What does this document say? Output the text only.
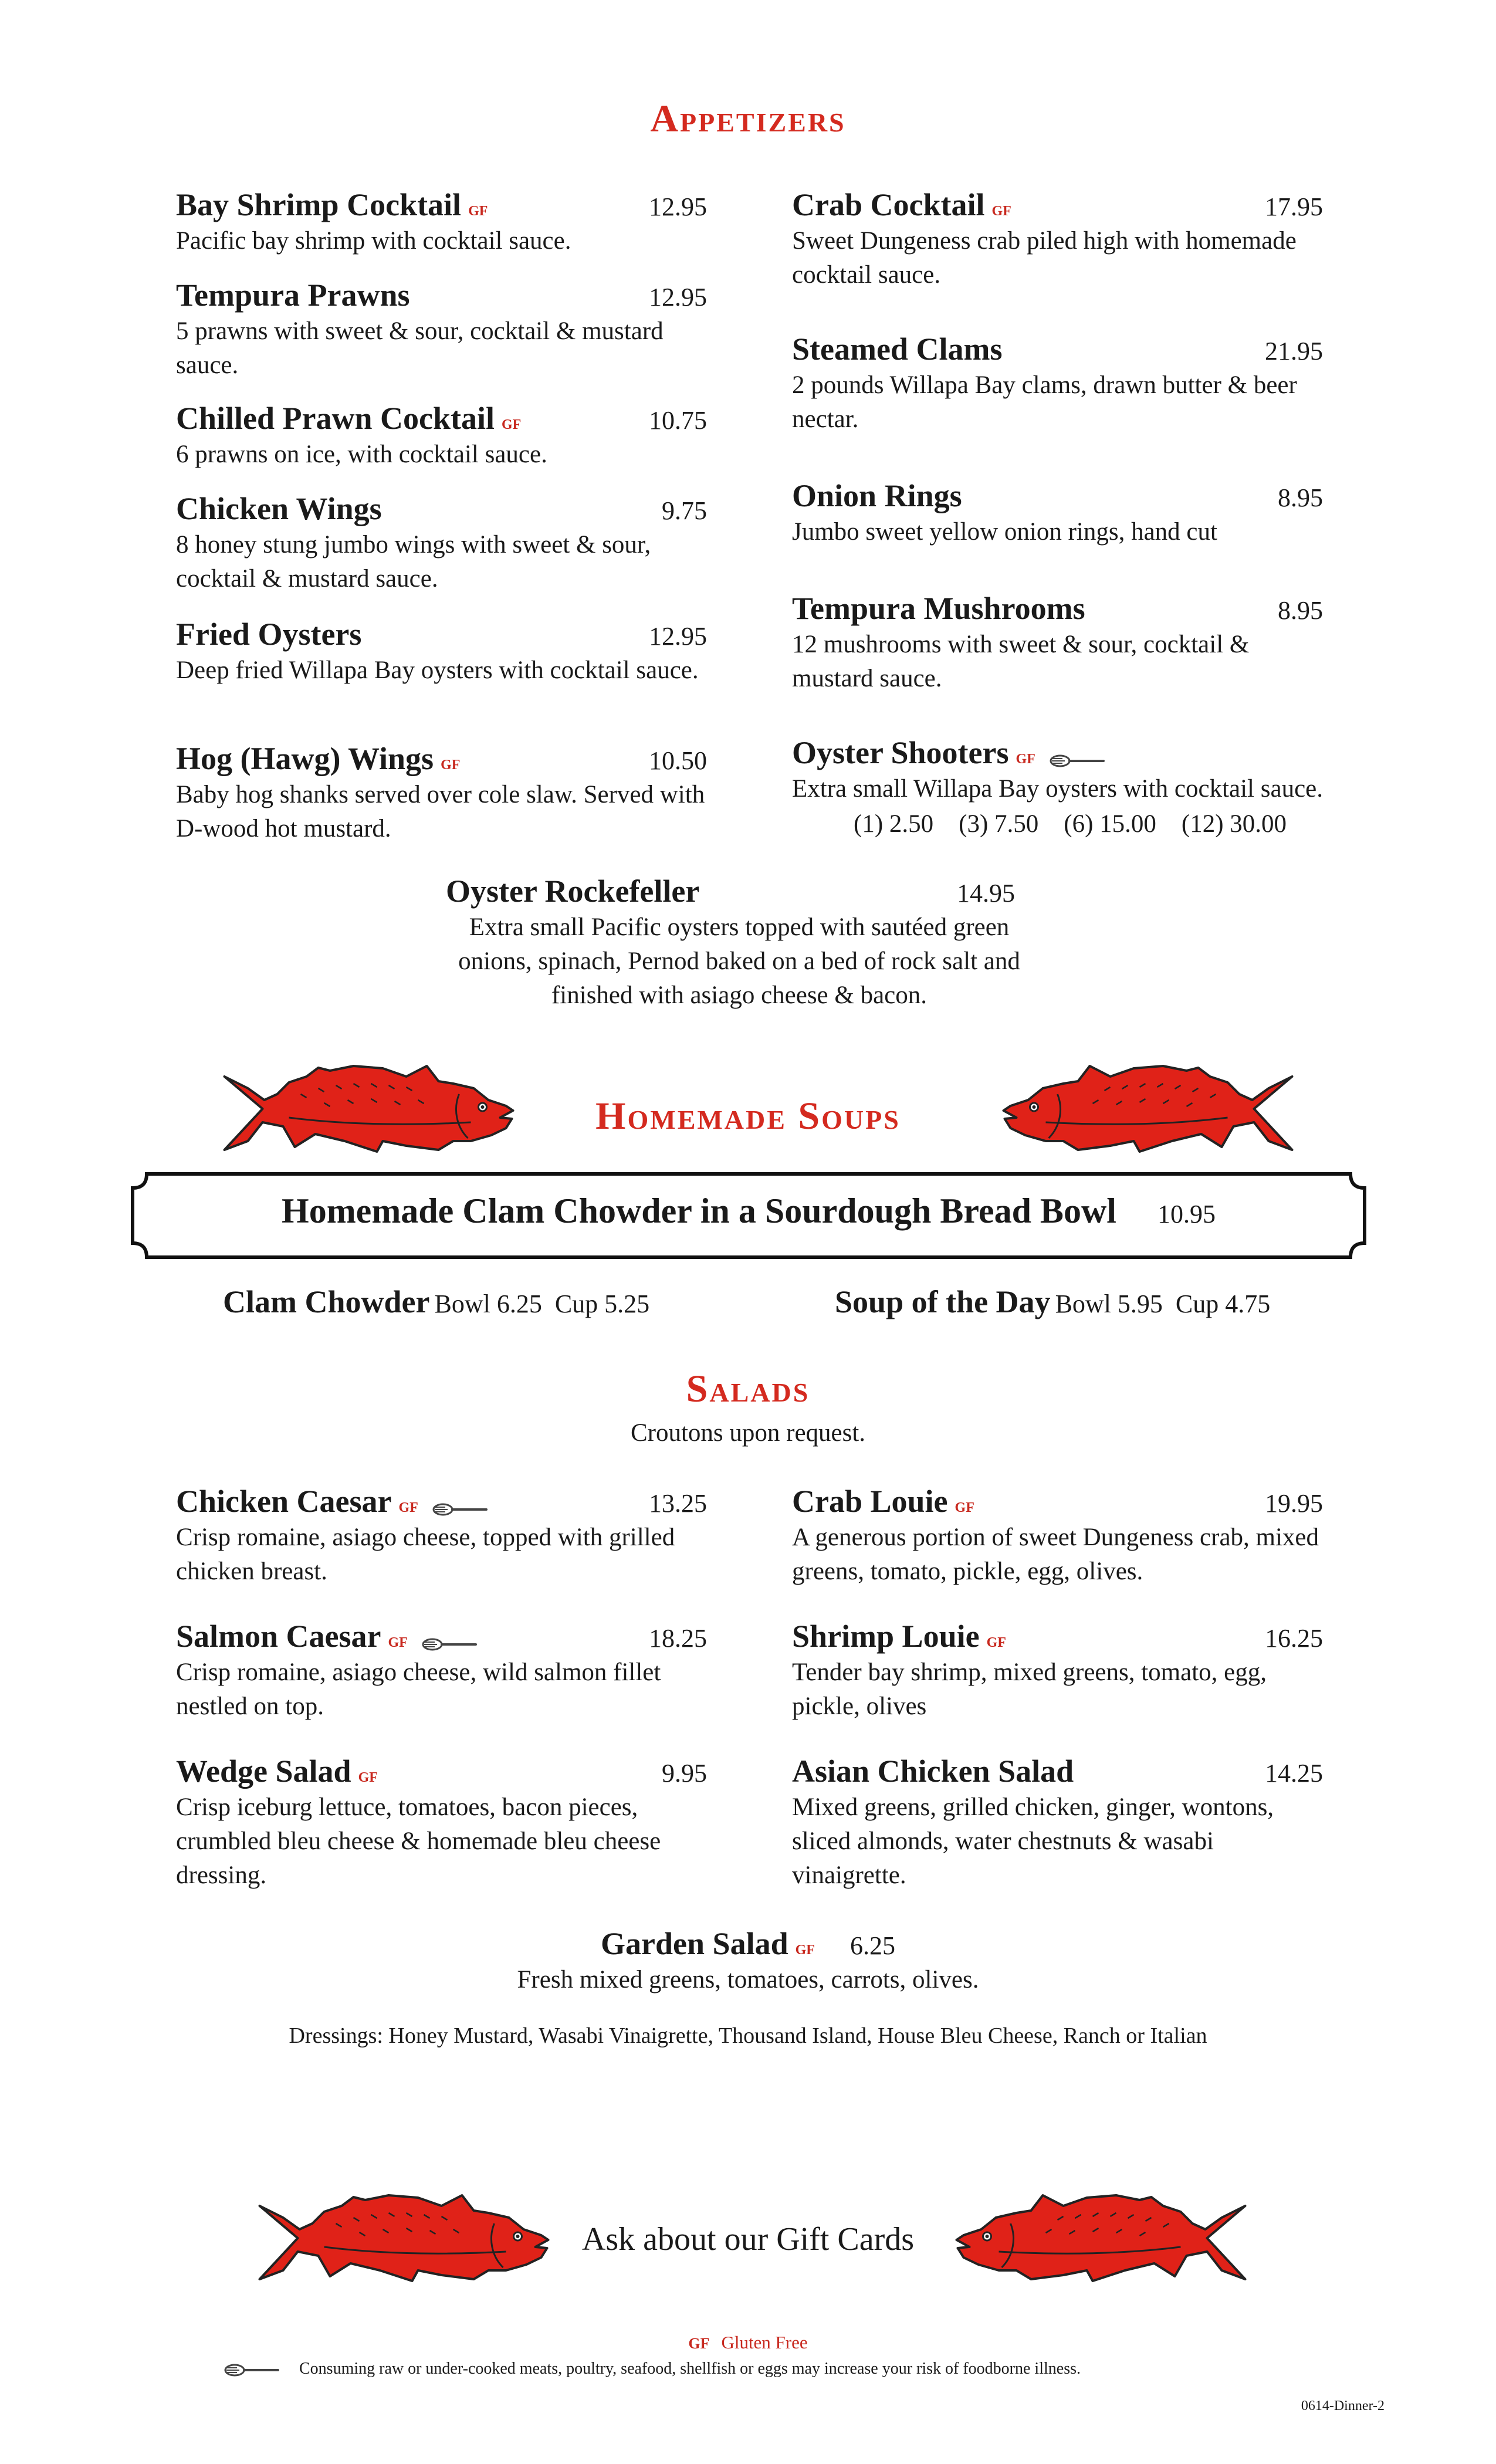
Appetizers
Bay Shrimp Cocktail GF	12.95
Pacific bay shrimp with cocktail sauce.
Tempura Prawns	12.95
5 prawns with sweet & sour, cocktail & mustard sauce.
Chilled Prawn Cocktail GF	10.75
6 prawns on ice, with cocktail sauce.
Chicken Wings	9.75
8 honey stung jumbo wings with sweet & sour, cocktail & mustard sauce.
Fried Oysters	12.95
Deep fried Willapa Bay oysters with cocktail sauce.
Hog (Hawg) Wings GF	10.50
Baby hog shanks served over cole slaw. Served with D-wood hot mustard.
Crab Cocktail GF	17.95
Sweet Dungeness crab piled high with homemade cocktail sauce.
Steamed Clams	21.95
2 pounds Willapa Bay clams, drawn butter & beer nectar.
Onion Rings	8.95
Jumbo sweet yellow onion rings, hand cut
Tempura Mushrooms	8.95
12 mushrooms with sweet & sour, cocktail & mustard sauce.
Oyster Shooters GF
Extra small Willapa Bay oysters with cocktail sauce.
(1) 2.50    (3) 7.50    (6) 15.00    (12) 30.00
Oyster Rockefeller	14.95
Extra small Pacific oysters topped with sautéed green onions, spinach, Pernod baked on a bed of rock salt and finished with asiago cheese & bacon.
Homemade Soups
Homemade Clam Chowder in a Sourdough Bread Bowl 10.95

Clam Chowder Bowl 6.25  Cup 5.25	Soup of the Day Bowl 5.95  Cup 4.75

Salads
Croutons upon request.
Chicken Caesar GF	13.25
Crisp romaine, asiago cheese, topped with grilled chicken breast.
Salmon Caesar GF	18.25
Crisp romaine, asiago cheese, wild salmon fillet nestled on top.
Wedge Salad GF	9.95
Crisp iceburg lettuce, tomatoes, bacon pieces, crumbled bleu cheese & homemade bleu cheese dressing.
Crab Louie GF	19.95
A generous portion of sweet Dungeness crab, mixed greens, tomato, pickle, egg, olives.
Shrimp Louie GF	16.25
Tender bay shrimp, mixed greens, tomato, egg, pickle, olives
Asian Chicken Salad	14.25
Mixed greens, grilled chicken, ginger, wontons, sliced almonds, water chestnuts & wasabi vinaigrette.
Garden Salad GF 6.25
Fresh mixed greens, tomatoes, carrots, olives.
Dressings: Honey Mustard, Wasabi Vinaigrette, Thousand Island, House Bleu Cheese, Ranch or Italian
Ask about our Gift Cards
GF Gluten Free
Consuming raw or under-cooked meats, poultry, seafood, shellfish or eggs may increase your risk of foodborne illness.
0614-Dinner-2
